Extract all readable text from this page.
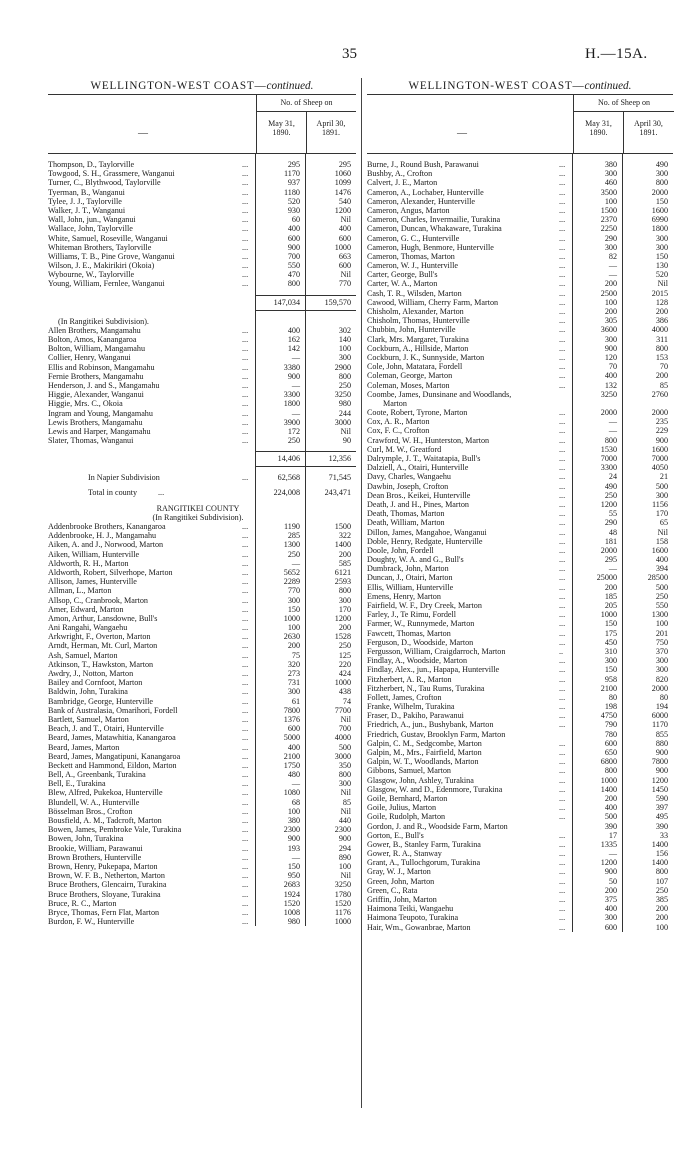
35	H.—15A.
WELLINGTON-WEST COAST—continued.
—
No. of Sheep on
May 31,
1890.
April 30,
1891.
Thompson, D., Taylorville	...	295	295
Towgood, S. H., Grassmere, Wanganui	...	1170	1060
Turner, C., Blythwood, Taylorville	...	937	1099
Tyerman, B., Wanganui	...	1180	1476
Tylee, J. J., Taylorville	...	520	540
Walker, J. T., Wanganui	...	930	1200
Wall, John, jun., Wanganui	...	60	Nil
Wallace, John, Taylorville	...	400	400
White, Samuel, Roseville, Wanganui	...	600	600
Whiteman Brothers, Taylorville	...	900	1000
Williams, T. B., Pine Grove, Wanganui	...	700	663
Wilson, J. E., Makirikiri (Okoia)	...	550	600
Wybourne, W., Taylorville	...	470	Nil
Young, William, Fernlee, Wanganui	...	800	770
147,034	159,570
(In Rangitikei Subdivision).
Allen Brothers, Mangamahu	...	400	302
Bolton, Amos, Kanangaroa	...	162	140
Bolton, William, Mangamahu	...	142	100
Collier, Henry, Wanganui	...	—	300
Ellis and Robinson, Mangamahu	...	3380	2900
Fernie Brothers, Mangamahu	...	900	800
Henderson, J. and S., Mangamahu	...	—	250
Higgie, Alexander, Wanganui	...	3300	3250
Higgie, Mrs. C., Okoia	...	1800	980
Ingram and Young, Mangamahu	...	—	244
Lewis Brothers, Mangamahu	...	3900	3000
Lewis and Harper, Mangamahu	...	172	Nil
Slater, Thomas, Wanganui	...	250	90
14,406	12,356
In Napier Subdivision	...	62,568	71,545
Total in county	...	224,008	243,471
RANGITIKEI COUNTY
(In Rangitikei Subdivision).
Addenbrooke Brothers, Kanangaroa	...	1190	1500
Addenbrooke, H. J., Mangamahu	...	285	322
Aiken, A. and J., Norwood, Marton	...	1300	1400
Aiken, William, Hunterville	...	250	200
Aldworth, R. H., Marton	...	—	585
Aldworth, Robert, Silverhope, Marton	...	5652	6121
Allison, James, Hunterville	...	2289	2593
Allman, L., Marton	...	770	800
Allsop, C., Cranbrook, Marton	...	300	300
Amer, Edward, Marton	...	150	170
Amon, Arthur, Lansdowne, Bull's	...	1000	1200
Ani Rangahi, Wangaehu	...	100	200
Arkwright, F., Overton, Marton	...	2630	1528
Arndt, Herman, Mt. Curl, Marton	...	200	250
Ash, Samuel, Marton	...	75	125
Atkinson, T., Hawkston, Marton	...	320	220
Awdry, J., Notton, Marton	...	273	424
Bailey and Cornfoot, Marton	...	731	1000
Baldwin, John, Turakina	...	300	438
Bambridge, George, Hunterville	...	61	74
Bank of Australasia, Omarihori, Fordell	...	7800	7700
Bartlett, Samuel, Marton	...	1376	Nil
Beach, J. and T., Otairi, Hunterville	...	600	700
Beard, James, Matawhitia, Kanangaroa	...	5000	4000
Beard, James, Marton	...	400	500
Beard, James, Mangatipuni, Kanangaroa	...	2100	3000
Beckett and Hammond, Eildon, Marton	...	1750	350
Bell, A., Greenbank, Turakina	...	480	800
Bell, E., Turakina	...	—	300
Blew, Alfred, Pukekoa, Hunterville	...	1080	Nil
Blundell, W. A., Hunterville	...	68	85
Bösselman Bros., Crofton	...	100	Nil
Bousfield, A. M., Tadcroft, Marton	...	380	440
Bowen, James, Pembroke Vale, Turakina	...	2300	2300
Bowen, John, Turakina	...	900	900
Brookie, William, Parawanui	...	193	294
Brown Brothers, Hunterville	...	—	890
Brown, Henry, Pukepapa, Marton	...	150	100
Brown, W. F. B., Netherton, Marton	...	950	Nil
Bruce Brothers, Glencairn, Turakina	...	2683	3250
Bruce Brothers, Sloyane, Turakina	...	1924	1780
Bruce, R. C., Marton	...	1520	1520
Bryce, Thomas, Fern Flat, Marton	...	1008	1176
Burdon, F. W., Hunterville	...	980	1000
WELLINGTON-WEST COAST—continued.
—
No. of Sheep on
May 31,
1890.
April 30,
1891.
Burne, J., Round Bush, Parawanui	...	380	490
Bushby, A., Crofton	...	300	300
Calvert, J. E., Marton	...	460	800
Cameron, A., Lochaber, Hunterville	...	3500	2000
Cameron, Alexander, Hunterville	...	100	150
Cameron, Angus, Marton	...	1500	1600
Cameron, Charles, Invermailie, Turakina	...	2370	6990
Cameron, Duncan, Whakaware, Turakina	...	2250	1800
Cameron, G. C., Hunterville	...	290	300
Cameron, Hugh, Benmore, Hunterville	...	300	300
Cameron, Thomas, Marton	...	82	150
Cameron, W. J., Hunterville	...	—	130
Carter, George, Bull's	...	—	520
Carter, W. A., Marton	...	200	Nil
Cash, T. R., Wilsden, Marton	...	2500	2015
Cawood, William, Cherry Farm, Marton	...	100	128
Chisholm, Alexander, Marton	...	200	200
Chisholm, Thomas, Hunterville	...	305	386
Chubbin, John, Hunterville	...	3600	4000
Clark, Mrs. Margaret, Turakina	...	300	311
Cockburn, A., Hillside, Marton	...	900	800
Cockburn, J. K., Sunnyside, Marton	...	120	153
Cole, John, Matatara, Fordell	...	70	70
Coleman, George, Marton	...	400	200
Coleman, Moses, Marton	...	132	85
Coombe, James, Dunsinane and Woodlands,	3250	2760
Marton
Coote, Robert, Tyrone, Marton	...	2000	2000
Cox, A. R., Marton	...	—	235
Cox, F. C., Crofton	...	—	229
Crawford, W. H., Hunterston, Marton	...	800	900
Curl, M. W., Greatford	...	1530	1600
Dalrymple, J. T., Waitatapia, Bull's	...	7000	7000
Dalziell, A., Otairi, Hunterville	...	3300	4050
Davy, Charles, Wangaehu	...	24	21
Dawbin, Joseph, Crofton	...	490	500
Dean Bros., Keikei, Hunterville	...	250	300
Death, J. and H., Pines, Marton	...	1200	1156
Death, Thomas, Marton	...	55	170
Death, William, Marton	...	290	65
Dillon, James, Mangahoe, Wanganui	...	48	Nil
Doble, Henry, Redgate, Hunterville	...	181	158
Doole, John, Fordell	...	2000	1600
Doughty, W. A. and G., Bull's	...	295	400
Dumbrack, John, Marton	...	—	394
Duncan, J., Otairi, Marton	...	25000	28500
Ellis, William, Hunterville	...	200	500
Emens, Henry, Marton	...	185	250
Fairfield, W. F., Dry Creek, Marton	...	205	550
Farley, J., Te Rimu, Fordell	...	1000	1300
Farmer, W., Runnymede, Marton	...	150	100
Fawcett, Thomas, Marton	...	175	201
Ferguson, D., Woodside, Marton	...	450	750
Fergusson, William, Craigdarroch, Marton	..	310	370
Findlay, A., Woodside, Marton	...	300	300
Findlay, Alex., jun., Hapapa, Hunterville	...	150	300
Fitzherbert, A. R., Marton	...	958	820
Fitzherbert, N., Tau Rums, Turakina	...	2100	2000
Follett, James, Crofton	...	80	80
Franke, Wilhelm, Turakina	...	198	194
Fraser, D., Pakiho, Parawanui	...	4750	6000
Friedrich, A., jun., Bushybank, Marton	...	790	1170
Friedrich, Gustav, Brooklyn Farm, Marton	780	855
Galpin, C. M., Sedgcombe, Marton	...	600	880
Galpin, M., Mrs., Fairfield, Marton	...	650	900
Galpin, W. T., Woodlands, Marton	...	6800	7800
Gibbons, Samuel, Marton	...	800	900
Glasgow, John, Ashley, Turakina	...	1000	1200
Glasgow, W. and D., Edenmore, Turakina	...	1400	1450
Goile, Bernhard, Marton	...	200	590
Goile, Julius, Marton	...	400	397
Goile, Rudolph, Marton	...	500	495
Gordon, J. and R., Woodside Farm, Marton	390	390
Gorton, E., Bull's	...	17	33
Gower, B., Stanley Farm, Turakina	...	1335	1400
Gower, R. A., Stanway	...	—	156
Grant, A., Tullochgorum, Turakina	...	1200	1400
Gray, W. J., Marton	...	900	800
Green, John, Marton	...	50	107
Green, C., Rata	...	200	250
Griffin, John, Marton	...	375	385
Haimona Teiki, Wangaehu	...	400	200
Haimona Teupoto, Turakina	...	300	200
Hair, Wm., Gowanbrae, Marton	...	600	100
